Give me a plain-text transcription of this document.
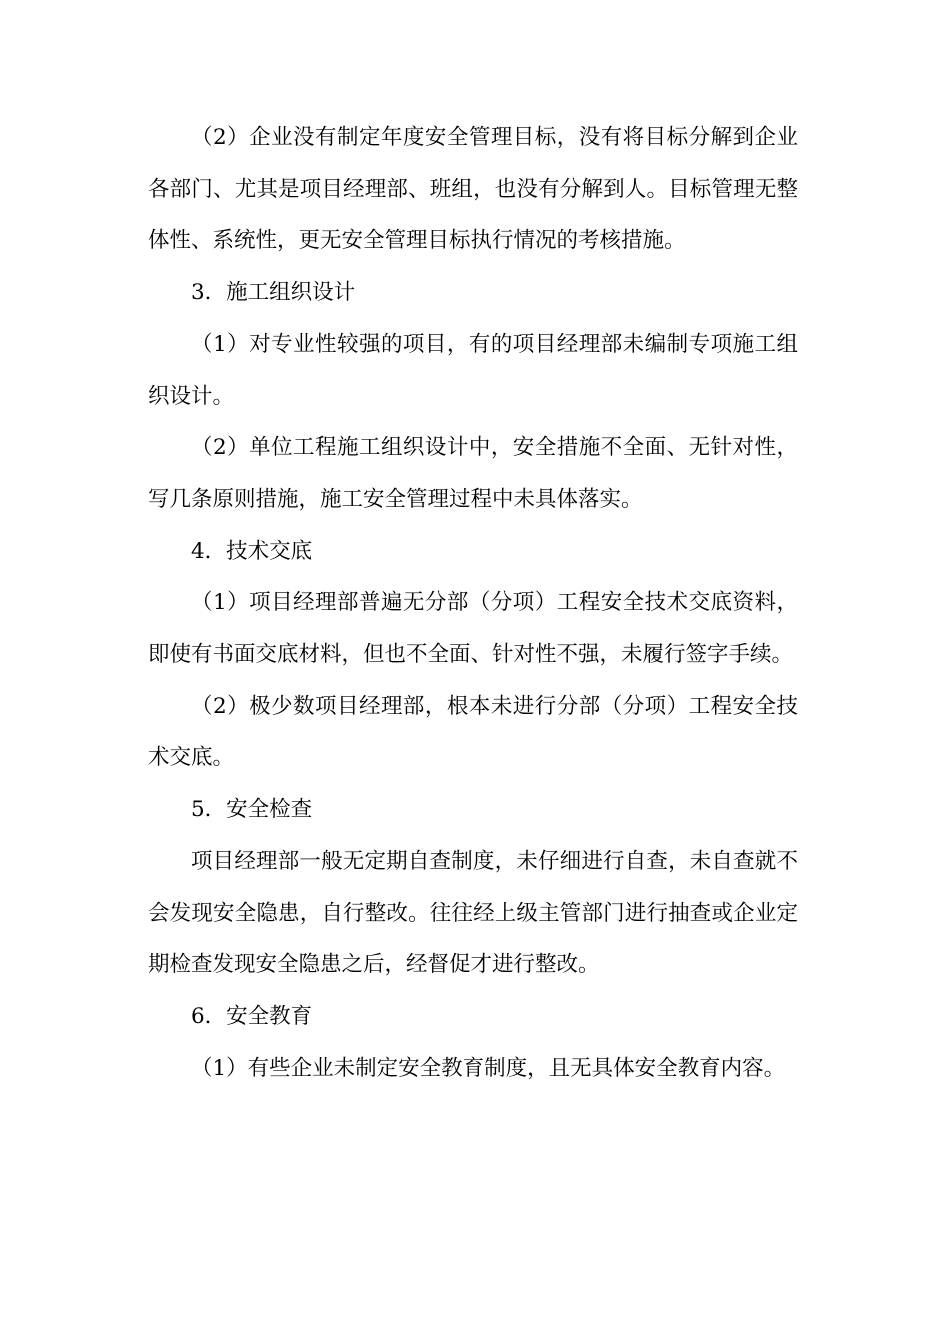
（2）企业没有制定年度安全管理目标，没有将目标分解到企业各部门、尤其是项目经理部、班组，也没有分解到人。目标管理无整体性、系统性，更无安全管理目标执行情况的考核措施。

3．施工组织设计

（1）对专业性较强的项目，有的项目经理部未编制专项施工组织设计。

（2）单位工程施工组织设计中，安全措施不全面、无针对性，写几条原则措施，施工安全管理过程中未具体落实。

4．技术交底

（1）项目经理部普遍无分部（分项）工程安全技术交底资料，即使有书面交底材料，但也不全面、针对性不强，未履行签字手续。

（2）极少数项目经理部，根本未进行分部（分项）工程安全技术交底。

5．安全检查

项目经理部一般无定期自查制度，未仔细进行自查，未自查就不会发现安全隐患，自行整改。往往经上级主管部门进行抽查或企业定期检查发现安全隐患之后，经督促才进行整改。

6．安全教育

（1）有些企业未制定安全教育制度，且无具体安全教育内容。
